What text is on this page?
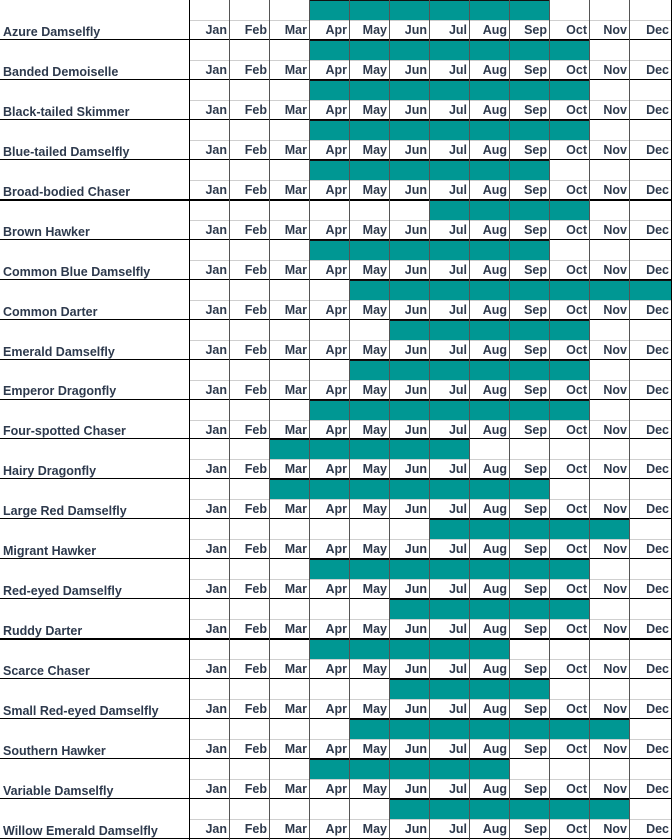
Azure Damselfly	Jan	Feb	Mar	Apr	May	Jun	Jul	Aug	Sep	Oct	Nov	Dec
Banded Demoiselle	Jan	Feb	Mar	Apr	May	Jun	Jul	Aug	Sep	Oct	Nov	Dec
Black-tailed Skimmer	Jan	Feb	Mar	Apr	May	Jun	Jul	Aug	Sep	Oct	Nov	Dec
Blue-tailed Damselfly	Jan	Feb	Mar	Apr	May	Jun	Jul	Aug	Sep	Oct	Nov	Dec
Broad-bodied Chaser	Jan	Feb	Mar	Apr	May	Jun	Jul	Aug	Sep	Oct	Nov	Dec
Brown Hawker	Jan	Feb	Mar	Apr	May	Jun	Jul	Aug	Sep	Oct	Nov	Dec
Common Blue Damselfly	Jan	Feb	Mar	Apr	May	Jun	Jul	Aug	Sep	Oct	Nov	Dec
Common Darter	Jan	Feb	Mar	Apr	May	Jun	Jul	Aug	Sep	Oct	Nov	Dec
Emerald Damselfly	Jan	Feb	Mar	Apr	May	Jun	Jul	Aug	Sep	Oct	Nov	Dec
Emperor Dragonfly	Jan	Feb	Mar	Apr	May	Jun	Jul	Aug	Sep	Oct	Nov	Dec
Four-spotted Chaser	Jan	Feb	Mar	Apr	May	Jun	Jul	Aug	Sep	Oct	Nov	Dec
Hairy Dragonfly	Jan	Feb	Mar	Apr	May	Jun	Jul	Aug	Sep	Oct	Nov	Dec
Large Red Damselfly	Jan	Feb	Mar	Apr	May	Jun	Jul	Aug	Sep	Oct	Nov	Dec
Migrant Hawker	Jan	Feb	Mar	Apr	May	Jun	Jul	Aug	Sep	Oct	Nov	Dec
Red-eyed Damselfly	Jan	Feb	Mar	Apr	May	Jun	Jul	Aug	Sep	Oct	Nov	Dec
Ruddy Darter	Jan	Feb	Mar	Apr	May	Jun	Jul	Aug	Sep	Oct	Nov	Dec
Scarce Chaser	Jan	Feb	Mar	Apr	May	Jun	Jul	Aug	Sep	Oct	Nov	Dec
Small Red-eyed Damselfly	Jan	Feb	Mar	Apr	May	Jun	Jul	Aug	Sep	Oct	Nov	Dec
Southern Hawker	Jan	Feb	Mar	Apr	May	Jun	Jul	Aug	Sep	Oct	Nov	Dec
Variable Damselfly	Jan	Feb	Mar	Apr	May	Jun	Jul	Aug	Sep	Oct	Nov	Dec
Willow Emerald Damselfly	Jan	Feb	Mar	Apr	May	Jun	Jul	Aug	Sep	Oct	Nov	Dec
